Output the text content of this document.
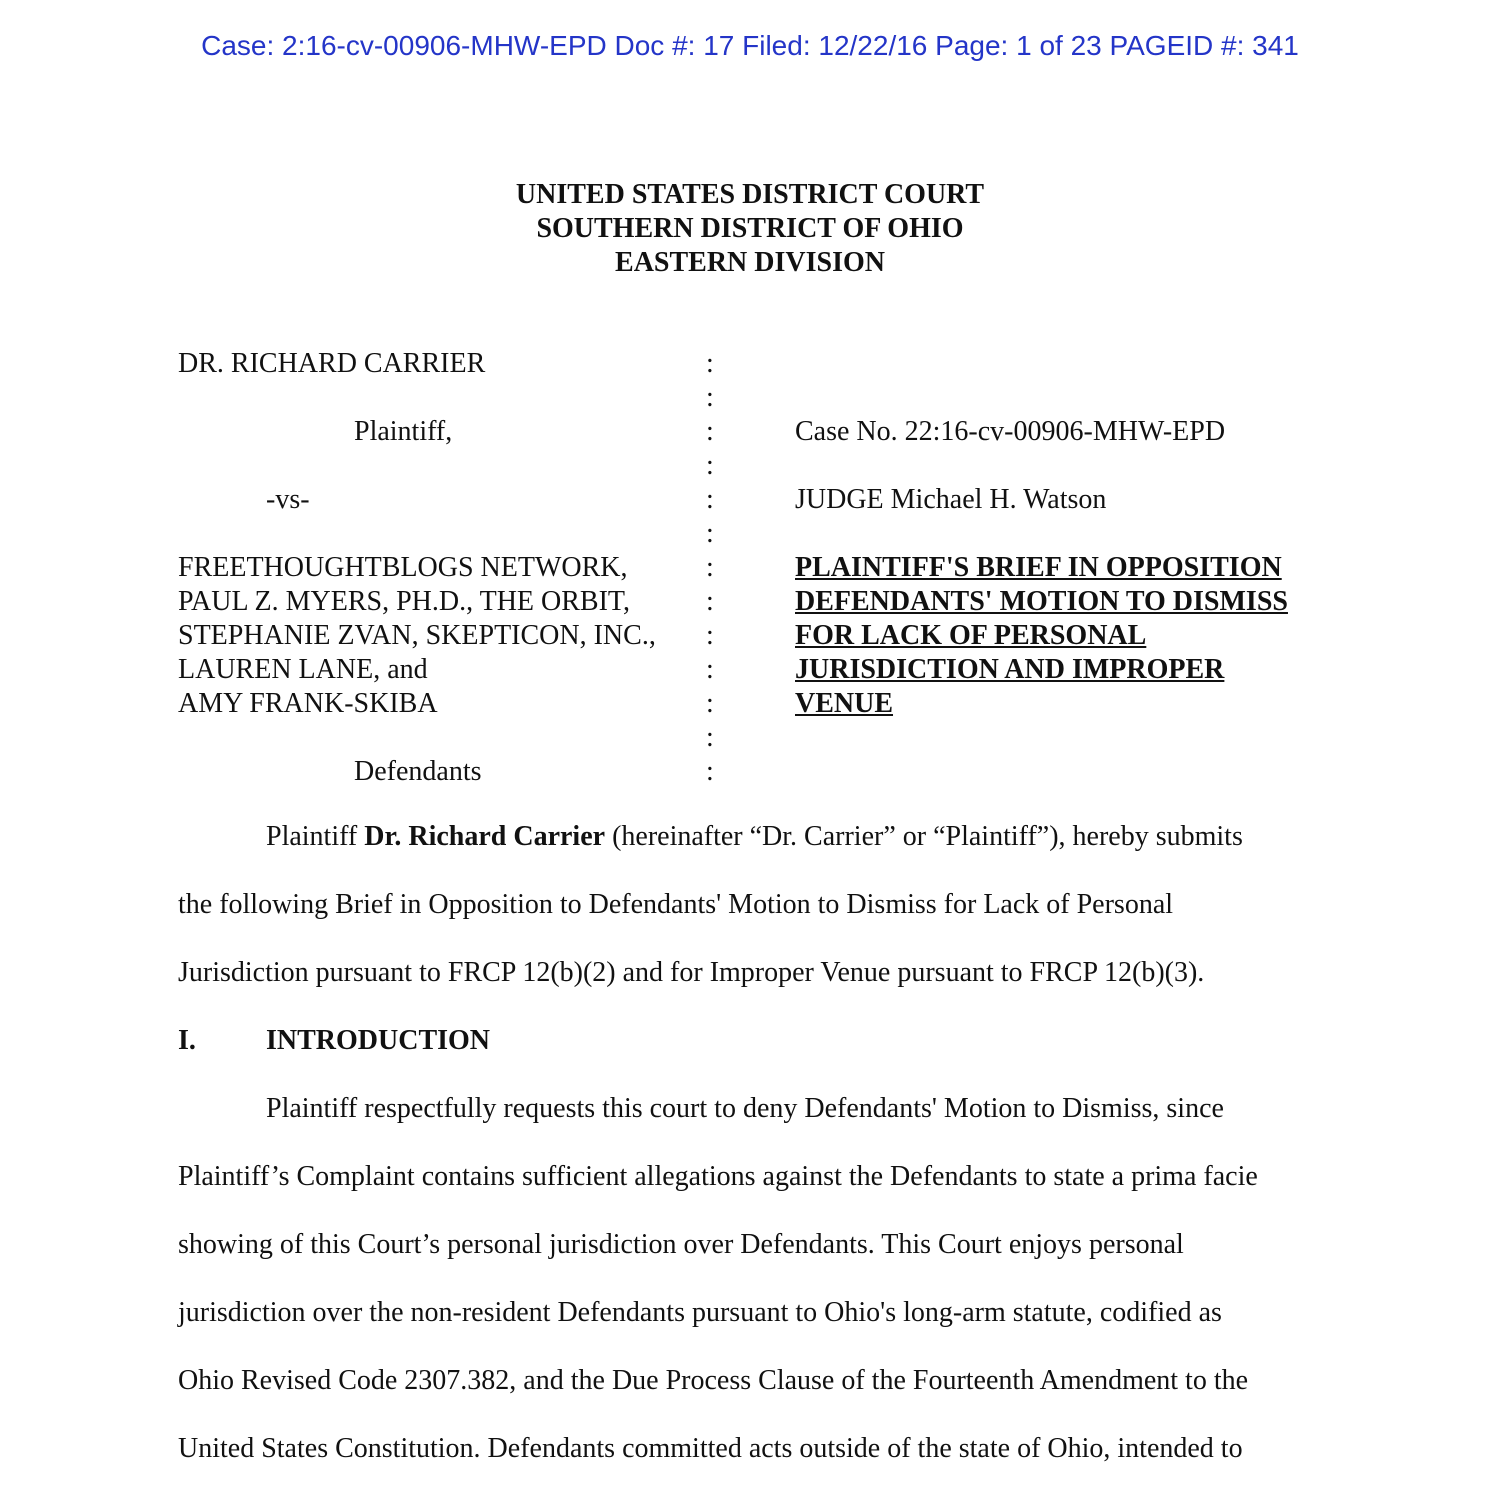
Case: 2:16-cv-00906-MHW-EPD Doc #: 17 Filed: 12/22/16 Page: 1 of 23 PAGEID #: 341
UNITED STATES DISTRICT COURT
SOUTHERN DISTRICT OF OHIO
EASTERN DIVISION
DR. RICHARD CARRIER
Plaintiff,
-vs-
FREETHOUGHTBLOGS NETWORK,
PAUL Z. MYERS, PH.D., THE ORBIT,
STEPHANIE ZVAN, SKEPTICON, INC.,
LAUREN LANE, and
AMY FRANK-SKIBA
Defendants
:
:
:
:
:
:
:
:
:
:
:
:
:
Case No. 22:16-cv-00906-MHW-EPD
JUDGE Michael H. Watson
PLAINTIFF'S BRIEF IN OPPOSITION
DEFENDANTS' MOTION TO DISMISS
FOR LACK OF PERSONAL
JURISDICTION AND IMPROPER
VENUE
Plaintiff Dr. Richard Carrier (hereinafter “Dr. Carrier” or “Plaintiff”), hereby submits
the following Brief in Opposition to Defendants' Motion to Dismiss for Lack of Personal
Jurisdiction pursuant to FRCP 12(b)(2) and for Improper Venue pursuant to FRCP 12(b)(3).
I.	INTRODUCTION
Plaintiff respectfully requests this court to deny Defendants' Motion to Dismiss, since
Plaintiff’s Complaint contains sufficient allegations against the Defendants to state a prima facie
showing of this Court’s personal jurisdiction over Defendants. This Court enjoys personal
jurisdiction over the non-resident Defendants pursuant to Ohio's long-arm statute, codified as
Ohio Revised Code 2307.382, and the Due Process Clause of the Fourteenth Amendment to the
United States Constitution. Defendants committed acts outside of the state of Ohio, intended to
